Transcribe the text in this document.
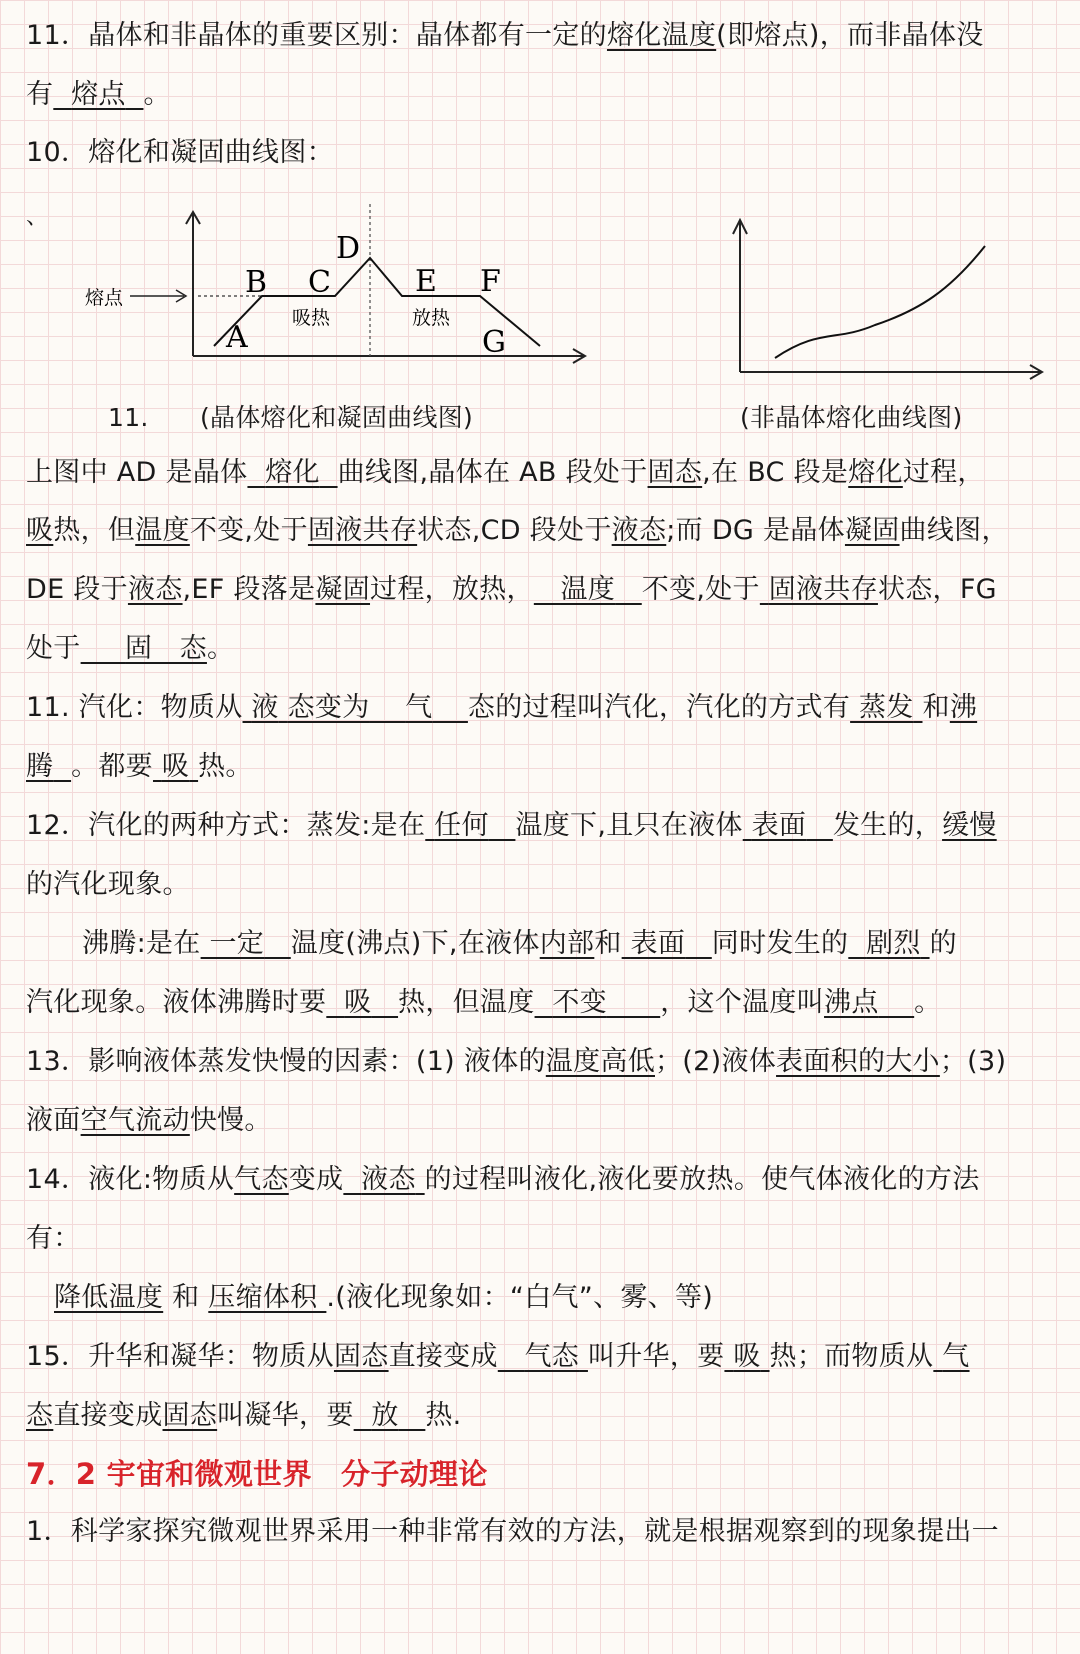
11．晶体和非晶体的重要区别：晶体都有一定的熔化温度(即熔点)，而非晶体没
有 熔点 。
10．熔化和凝固曲线图：
、
熔点
A
B C
D
E F
G
吸热	放热
11.	(晶体熔化和凝固曲线图)	(非晶体熔化曲线图)
上图中 AD 是晶体 熔化 曲线图,晶体在 AB 段处于固态,在 BC 段是熔化过程，
吸热，但温度不变,处于固液共存状态,CD 段处于液态;而 DG 是晶体凝固曲线图，
DE 段于液态,EF 段落是凝固过程，放热， 温度 不变,处于 固液共存状态，FG
处于 固　态。
11. 汽化：物质从 液 态变为 气 态的过程叫汽化，汽化的方式有 蒸发 和沸
腾 。都要 吸 热。
12．汽化的两种方式：蒸发:是在 任何 温度下,且只在液体 表面 发生的，缓慢
的汽化现象。
沸腾:是在 一定 温度(沸点)下,在液体内部和 表面 同时发生的 剧烈 的
汽化现象。液体沸腾时要 吸 热，但温度 不变 ，这个温度叫沸点 。
13．影响液体蒸发快慢的因素：(1) 液体的温度高低；(2)液体表面积的大小；(3)
液面空气流动快慢。
14．液化:物质从气态变成 液态 的过程叫液化,液化要放热。使气体液化的方法
有：
降低温度 和 压缩体积 .(液化现象如：“白气”、雾、等)
15．升华和凝华：物质从固态直接变成 气态 叫升华，要 吸 热；而物质从 气
态直接变成固态叫凝华，要 放 热.
7．2 宇宙和微观世界　分子动理论
1．科学家探究微观世界采用一种非常有效的方法，就是根据观察到的现象提出一
